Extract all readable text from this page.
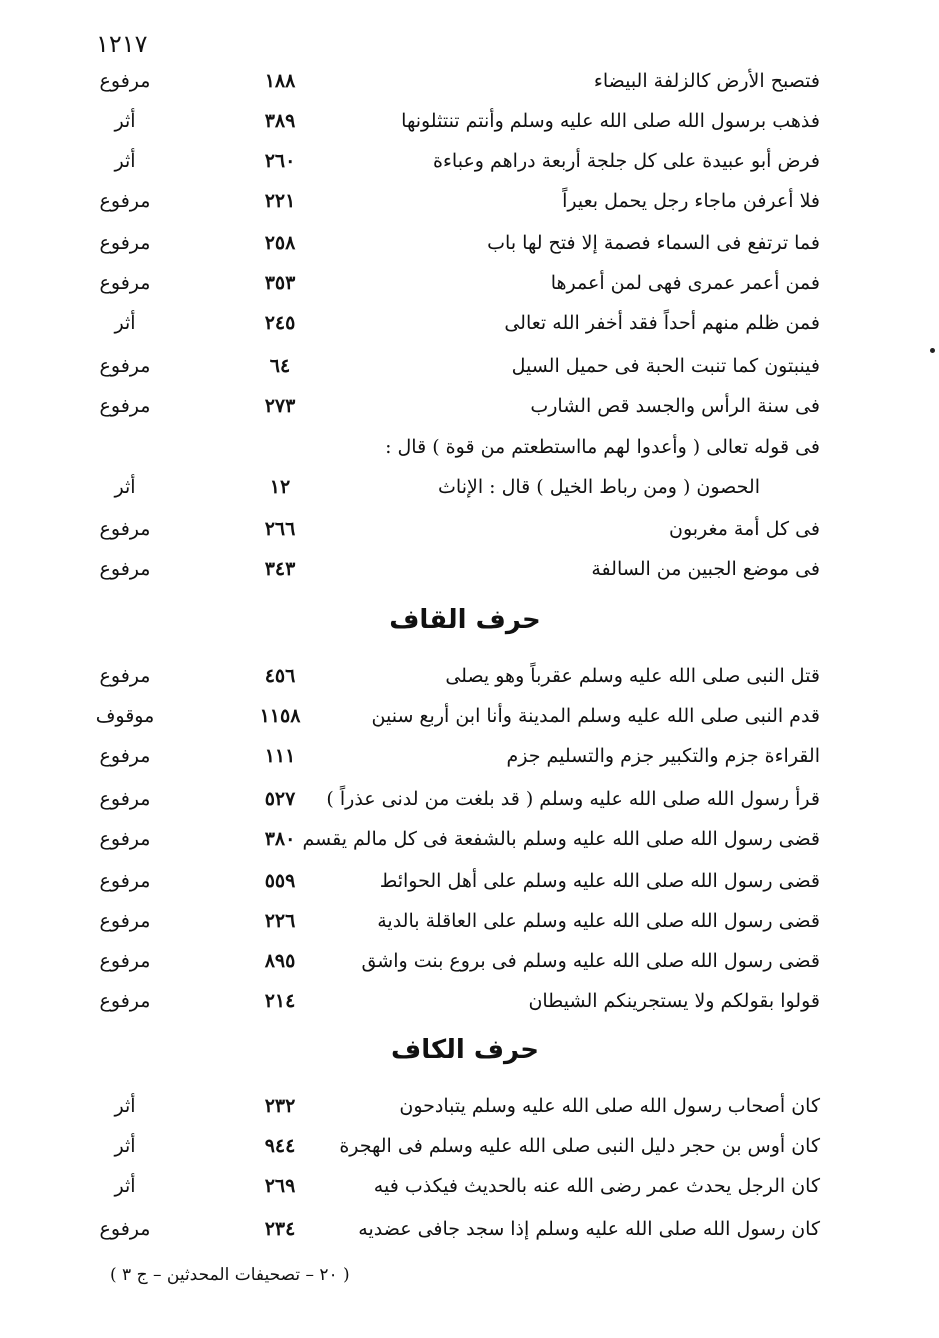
١٢١٧
فتصبح الأرض كالزلفة البيضاء
١٨٨
مرفوع
فذهب برسول الله صلى الله عليه وسلم وأنتم تنتثلونها
٣٨٩
أثر
فرض أبو عبيدة على كل جلجة أربعة دراهم وعباءة
٢٦٠
أثر
فلا أعرفن ماجاء رجل يحمل بعيراً
٢٢١
مرفوع
فما ترتفع فى السماء فصمة إلا فتح لها باب
٢٥٨
مرفوع
فمن أعمر عمرى فهى لمن أعمرها
٣٥٣
مرفوع
فمن ظلم منهم أحداً فقد أخفر الله تعالى
٢٤٥
أثر
فينبتون كما تنبت الحبة فى حميل السيل
٦٤
مرفوع
فى سنة الرأس والجسد قص الشارب
٢٧٣
مرفوع
فى قوله تعالى ( وأعدوا لهم مااستطعتم من قوة ) قال :
الحصون ( ومن رباط الخيل ) قال : الإناث
١٢
أثر
فى كل أمة مغربون
٢٦٦
مرفوع
فى موضع الجبين من السالفة
٣٤٣
مرفوع
حرف القاف
قتل النبى صلى الله عليه وسلم عقرباً وهو يصلى
٤٥٦
مرفوع
قدم النبى صلى الله عليه وسلم المدينة وأنا ابن أربع سنين
١١٥٨
موقوف
القراءة جزم والتكبير جزم والتسليم جزم
١١١
مرفوع
قرأ رسول الله صلى الله عليه وسلم ( قد بلغت من لدنى عذراً )
٥٢٧
مرفوع
قضى رسول الله صلى الله عليه وسلم بالشفعة فى كل مالم يقسم
٣٨٠
مرفوع
قضى رسول الله صلى الله عليه وسلم على أهل الحوائط
٥٥٩
مرفوع
قضى رسول الله صلى الله عليه وسلم على العاقلة بالدية
٢٢٦
مرفوع
قضى رسول الله صلى الله عليه وسلم فى بروع بنت واشق
٨٩٥
مرفوع
قولوا بقولكم ولا يستجرينكم الشيطان
٢١٤
مرفوع
حرف الكاف
كان أصحاب رسول الله صلى الله عليه وسلم يتبادحون
٢٣٢
أثر
كان أوس بن حجر دليل النبى صلى الله عليه وسلم فى الهجرة
٩٤٤
أثر
كان الرجل يحدث عمر رضى الله عنه بالحديث فيكذب فيه
٢٦٩
أثر
كان رسول الله صلى الله عليه وسلم إذا سجد جافى عضديه
٢٣٤
مرفوع
( ٢٠ – تصحيفات المحدثين – ج ٣ )
